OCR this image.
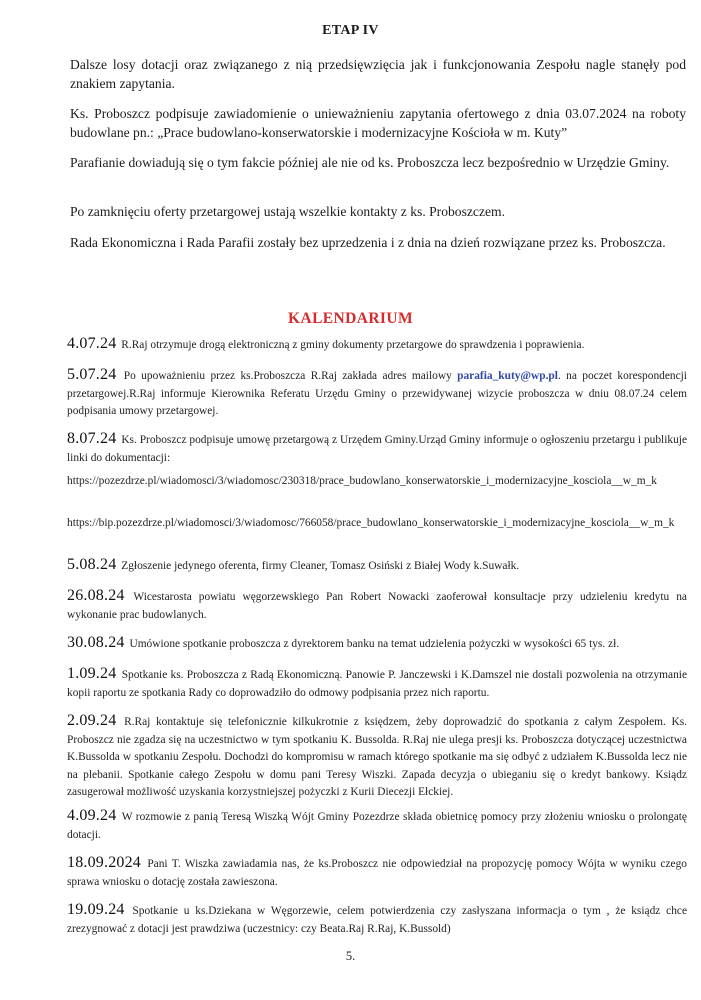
ETAP IV

Dalsze losy dotacji oraz związanego z nią przedsięwzięcia jak i funkcjonowania Zespołu nagle stanęły pod znakiem zapytania.

Ks. Proboszcz podpisuje zawiadomienie o unieważnieniu zapytania ofertowego z dnia 03.07.2024 na roboty budowlane pn.: „Prace budowlano-konserwatorskie i modernizacyjne Kościoła w m. Kuty”

Parafianie dowiadują się o tym fakcie później ale nie od ks. Proboszcza lecz bezpośrednio w Urzędzie Gminy.

Po zamknięciu oferty przetargowej ustają wszelkie kontakty z ks. Proboszczem.

Rada Ekonomiczna i Rada Parafii zostały bez uprzedzenia i z dnia na dzień rozwiązane przez ks. Proboszcza.

KALENDARIUM

4.07.24 R.Raj otrzymuje drogą elektroniczną z gminy dokumenty przetargowe do sprawdzenia i poprawienia.

5.07.24 Po upoważnieniu przez ks.Proboszcza R.Raj zakłada adres mailowy parafia_kuty@wp.pl. na poczet korespondencji przetargowej.R.Raj informuje Kierownika Referatu Urzędu Gminy o przewidywanej wizycie proboszcza w dniu 08.07.24 celem podpisania umowy przetargowej.

8.07.24 Ks. Proboszcz podpisuje umowę przetargową z Urzędem Gminy.Urząd Gminy informuje o ogłoszeniu przetargu i publikuje linki do dokumentacji:

https://pozezdrze.pl/wiadomosci/3/wiadomosc/230318/prace_budowlano_konserwatorskie_i_modernizacyjne_kosciola__w_m_k

https://bip.pozezdrze.pl/wiadomosci/3/wiadomosc/766058/prace_budowlano_konserwatorskie_i_modernizacyjne_kosciola__w_m_k

5.08.24 Zgłoszenie jedynego oferenta, firmy Cleaner, Tomasz Osiński z Białej Wody k.Suwałk.

26.08.24 Wicestarosta powiatu węgorzewskiego Pan Robert Nowacki zaoferował konsultacje przy udzieleniu kredytu na wykonanie prac budowlanych.

30.08.24 Umówione spotkanie proboszcza z dyrektorem banku na temat udzielenia pożyczki w wysokości 65 tys. zł.

1.09.24 Spotkanie ks. Proboszcza z Radą Ekonomiczną. Panowie P. Janczewski i K.Damszel nie dostali pozwolenia na otrzymanie kopii raportu ze spotkania Rady co doprowadziło do odmowy podpisania przez nich raportu.

2.09.24 R.Raj kontaktuje się telefonicznie kilkukrotnie z księdzem, żeby doprowadzić do spotkania z całym Zespołem. Ks. Proboszcz nie zgadza się na uczestnictwo w tym spotkaniu K. Bussolda. R.Raj nie ulega presji ks. Proboszcza dotyczącej uczestnictwa K.Bussolda w spotkaniu Zespołu. Dochodzi do kompromisu w ramach którego spotkanie ma się odbyć z udziałem K.Bussolda lecz nie na plebanii. Spotkanie całego Zespołu w domu pani Teresy Wiszki. Zapada decyzja o ubieganiu się o kredyt bankowy. Ksiądz zasugerował możliwość uzyskania korzystniejszej pożyczki z Kurii Diecezji Ełckiej.

4.09.24 W rozmowie z panią Teresą Wiszką Wójt Gminy Pozezdrze składa obietnicę pomocy przy złożeniu wniosku o prolongatę dotacji.

18.09.2024 Pani T. Wiszka zawiadamia nas, że ks.Proboszcz nie odpowiedział na propozycję pomocy Wójta w wyniku czego sprawa wniosku o dotację została zawieszona.

19.09.24 Spotkanie u ks.Dziekana w Węgorzewie, celem potwierdzenia czy zasłyszana informacja o tym , że ksiądz chce zrezygnować z dotacji jest prawdziwa (uczestnicy: czy Beata.Raj R.Raj, K.Bussold)

5.
